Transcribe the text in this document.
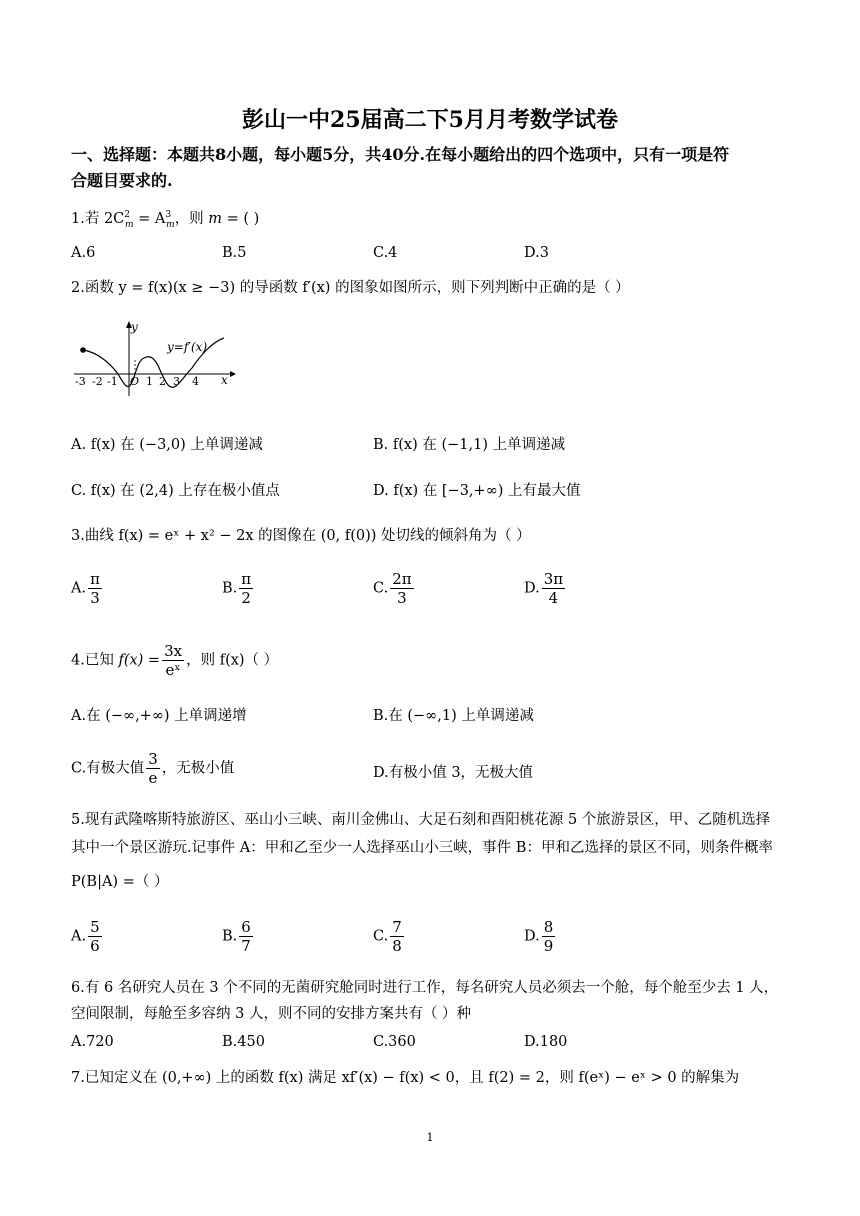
彭山一中25届高二下5月月考数学试卷
一、选择题：本题共8小题，每小题5分，共40分.在每小题给出的四个选项中，只有一项是符
合题目要求的.
1.若 $2C^2_m = A^3_m$，则 m = ( )
A.6	B.5	C.4	D.3
2.函数 y = f(x)(x ≥ −3) 的导函数 f′(x) 的图象如图所示，则下列判断中正确的是（ ）
y
x
y=f′(x)
O
-3 -2 -1	1 2 3 4
A. f(x) 在 (−3,0) 上单调递减	B. f(x) 在 (−1,1) 上单调递减
C. f(x) 在 (2,4) 上存在极小值点	D. f(x) 在 [−3,+∞) 上有最大值
3.曲线 f(x) = eˣ + x² − 2x 的图像在 (0, f(0)) 处切线的倾斜角为（ ）
A. $\frac{\pi}{3}$	B. $\frac{\pi}{2}$	C. $\frac{2\pi}{3}$	D. $\frac{3\pi}{4}$
4.已知 $f(x) = \frac{3x}{\text{eˣ}}$ ，则 f(x)（ ）
A.在 (−∞,+∞) 上单调递增	B.在 (−∞,1) 上单调递减
C.有极大值 $\frac{3}{e}$ ，无极小值	D.有极小值 3，无极大值
5.现有武隆喀斯特旅游区、巫山小三峡、南川金佛山、大足石刻和酉阳桃花源 5 个旅游景区，甲、乙随机选择
其中一个景区游玩.记事件 A：甲和乙至少一人选择巫山小三峡，事件 B：甲和乙选择的景区不同，则条件概率
P(B|A) =（ ）
A. $\frac{5}{6}$	B. $\frac{6}{7}$	C. $\frac{7}{8}$	D. $\frac{8}{9}$
6.有 6 名研究人员在 3 个不同的无菌研究舱同时进行工作，每名研究人员必须去一个舱，每个舱至少去 1 人，
空间限制，每舱至多容纳 3 人，则不同的安排方案共有（ ）种
A.720	B.450	C.360	D.180
7.已知定义在 (0,+∞) 上的函数 f(x) 满足 xf′(x) − f(x) < 0，且 f(2) = 2，则 f(eˣ) − eˣ > 0 的解集为
1
